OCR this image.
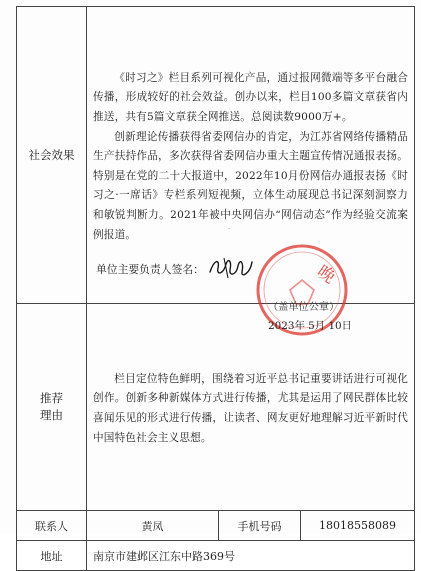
社会效果	《时习之》栏目系列可视化产品，通过报网微端等多平台融合传播，形成较好的社会效益。创办以来，栏目100多篇文章获省内推送，共有5篇文章获全网推送。总阅读数9000万+。

创新理论传播获得省委网信办的肯定，为江苏省网络传播精品生产扶持作品，多次获得省委网信办重大主题宣传情况通报表扬。特别是在党的二十大报道中，2022年10月份网信办通报表扬《时习之·一席话》专栏系列短视频，立体生动展现总书记深刻洞察力和敏锐判断力。2021年被中央网信办“网信动态”作为经验交流案例报道。		

推荐
理由	栏目定位特色鲜明，围绕着习近平总书记重要讲话进行可视化创作。创新多种新媒体方式进行传播，尤其是运用了网民群体比较喜闻乐见的形式进行传播，让读者、网友更好地理解习近平新时代中国特色社会主义思想。		

联系人	黄凤	手机号码	18018558089
地址	南京市建邺区江东中路369号		
·
晚
单位主要负责人签名：
（盖单位公章）
2023年 5月 10日
